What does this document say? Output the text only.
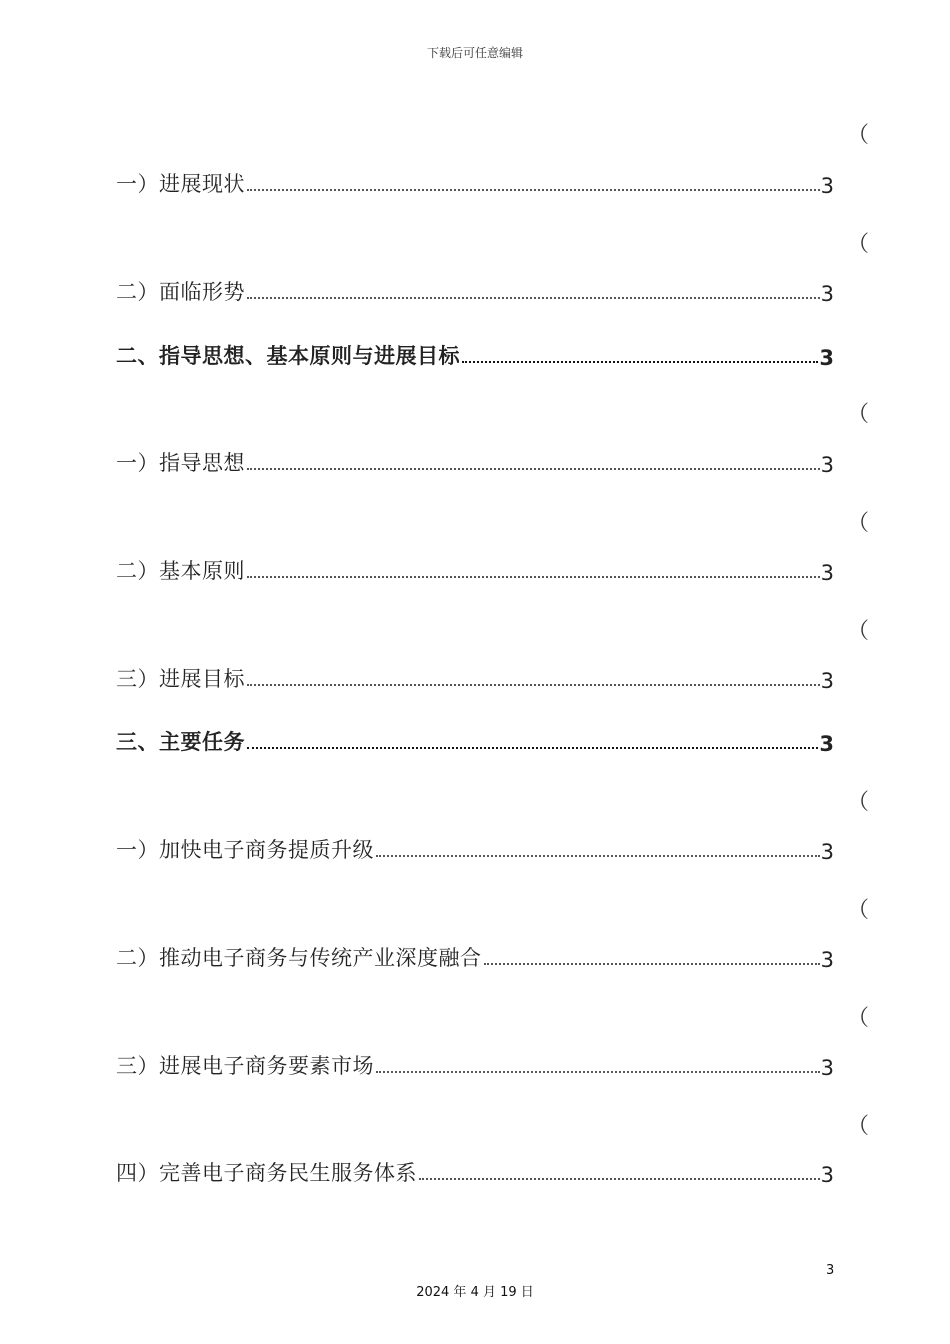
下载后可任意编辑
（
（
（
（
（
（
（
（
（
一）进展现状	3
二）面临形势	3
二、指导思想、基本原则与进展目标	3
一）指导思想	3
二）基本原则	3
三）进展目标	3
三、主要任务	3
一）加快电子商务提质升级	3
二）推动电子商务与传统产业深度融合	3
三）进展电子商务要素市场	3
四）完善电子商务民生服务体系	3
3
2024 年 4 月 19 日
